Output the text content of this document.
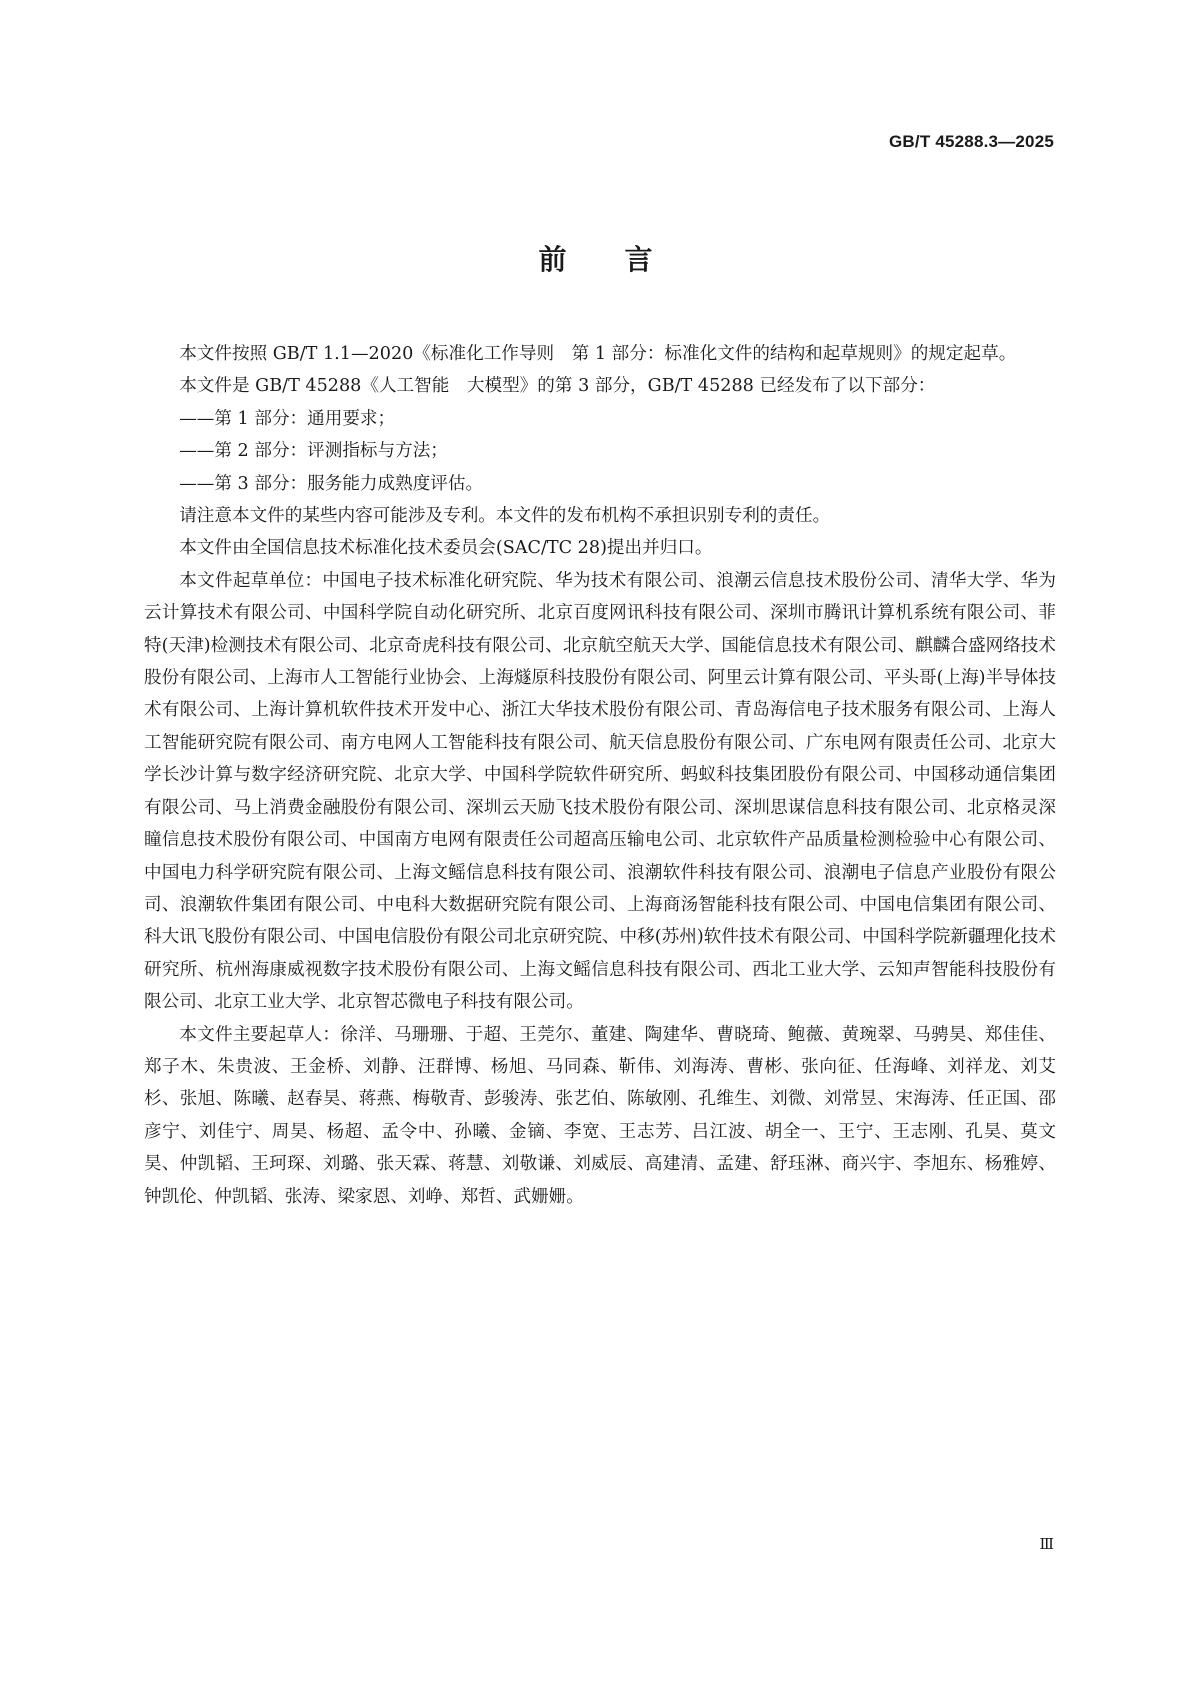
GB/T 45288.3—2025
前 言

本文件按照 GB/T 1.1—2020《标准化工作导则　第 1 部分：标准化文件的结构和起草规则》的规定起草。

本文件是 GB/T 45288《人工智能　大模型》的第 3 部分，GB/T 45288 已经发布了以下部分：

——第 1 部分：通用要求；

——第 2 部分：评测指标与方法；

——第 3 部分：服务能力成熟度评估。

请注意本文件的某些内容可能涉及专利。本文件的发布机构不承担识别专利的责任。

本文件由全国信息技术标准化技术委员会(SAC/TC 28)提出并归口。

本文件起草单位：中国电子技术标准化研究院、华为技术有限公司、浪潮云信息技术股份公司、清华大学、华为云计算技术有限公司、中国科学院自动化研究所、北京百度网讯科技有限公司、深圳市腾讯计算机系统有限公司、菲特(天津)检测技术有限公司、北京奇虎科技有限公司、北京航空航天大学、国能信息技术有限公司、麒麟合盛网络技术股份有限公司、上海市人工智能行业协会、上海燧原科技股份有限公司、阿里云计算有限公司、平头哥(上海)半导体技术有限公司、上海计算机软件技术开发中心、浙江大华技术股份有限公司、青岛海信电子技术服务有限公司、上海人工智能研究院有限公司、南方电网人工智能科技有限公司、航天信息股份有限公司、广东电网有限责任公司、北京大学长沙计算与数字经济研究院、北京大学、中国科学院软件研究所、蚂蚁科技集团股份有限公司、中国移动通信集团有限公司、马上消费金融股份有限公司、深圳云天励飞技术股份有限公司、深圳思谋信息科技有限公司、北京格灵深瞳信息技术股份有限公司、中国南方电网有限责任公司超高压输电公司、北京软件产品质量检测检验中心有限公司、中国电力科学研究院有限公司、上海文鳐信息科技有限公司、浪潮软件科技有限公司、浪潮电子信息产业股份有限公司、浪潮软件集团有限公司、中电科大数据研究院有限公司、上海商汤智能科技有限公司、中国电信集团有限公司、科大讯飞股份有限公司、中国电信股份有限公司北京研究院、中移(苏州)软件技术有限公司、中国科学院新疆理化技术研究所、杭州海康威视数字技术股份有限公司、上海文鳐信息科技有限公司、西北工业大学、云知声智能科技股份有限公司、北京工业大学、北京智芯微电子科技有限公司。

本文件主要起草人：徐洋、马珊珊、于超、王莞尔、董建、陶建华、曹晓琦、鲍薇、黄琬翠、马骋昊、郑佳佳、郑子木、朱贵波、王金桥、刘静、汪群博、杨旭、马同森、靳伟、刘海涛、曹彬、张向征、任海峰、刘祥龙、刘艾杉、张旭、陈曦、赵春昊、蒋燕、梅敬青、彭骏涛、张艺伯、陈敏刚、孔维生、刘微、刘常昱、宋海涛、任正国、邵彦宁、刘佳宁、周昊、杨超、孟令中、孙曦、金镝、李宽、王志芳、吕江波、胡全一、王宁、王志刚、孔昊、莫文昊、仲凯韬、王珂琛、刘璐、张天霖、蒋慧、刘敬谦、刘威辰、高建清、孟建、舒珏淋、商兴宇、李旭东、杨雅婷、钟凯伦、仲凯韬、张涛、梁家恩、刘峥、郑哲、武姗姗。

Ⅲ
